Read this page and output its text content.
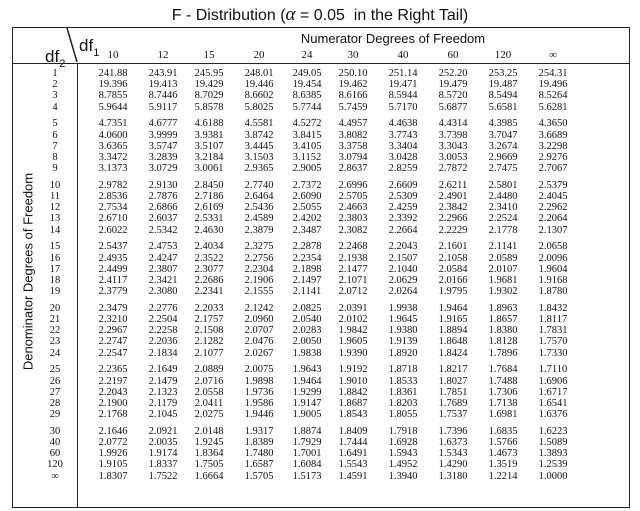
F - Distribution (α = 0.05 in the Right Tail)
Numerator Degrees of Freedom
$df_1$
$df_2$
Denominator Degrees of Freedom
10	12	15	20	24	30	40	60	120	∞
1	241.88	243.91	245.95	248.01	249.05	250.10	251.14	252.20	253.25	254.31
2	19.396	19.413	19.429	19.446	19.454	19.462	19.471	19.479	19.487	19.496
3	8.7855	8.7446	8.7029	8.6602	8.6385	8.6166	8.5944	8.5720	8.5494	8.5264
4	5.9644	5.9117	5.8578	5.8025	5.7744	5.7459	5.7170	5.6877	5.6581	5.6281
5	4.7351	4.6777	4.6188	4.5581	4.5272	4.4957	4.4638	4.4314	4.3985	4.3650
6	4.0600	3.9999	3.9381	3.8742	3.8415	3.8082	3.7743	3.7398	3.7047	3.6689
7	3.6365	3.5747	3.5107	3.4445	3.4105	3.3758	3.3404	3.3043	3.2674	3.2298
8	3.3472	3.2839	3.2184	3.1503	3.1152	3.0794	3.0428	3.0053	2.9669	2.9276
9	3.1373	3.0729	3.0061	2.9365	2.9005	2.8637	2.8259	2.7872	2.7475	2.7067
10	2.9782	2.9130	2.8450	2.7740	2.7372	2.6996	2.6609	2.6211	2.5801	2.5379
11	2.8536	2.7876	2.7186	2.6464	2.6090	2.5705	2.5309	2.4901	2.4480	2.4045
12	2.7534	2.6866	2.6169	2.5436	2.5055	2.4663	2.4259	2.3842	2.3410	2.2962
13	2.6710	2.6037	2.5331	2.4589	2.4202	2.3803	2.3392	2.2966	2.2524	2.2064
14	2.6022	2.5342	2.4630	2.3879	2.3487	2.3082	2.2664	2.2229	2.1778	2.1307
15	2.5437	2.4753	2.4034	2.3275	2.2878	2.2468	2.2043	2.1601	2.1141	2.0658
16	2.4935	2.4247	2.3522	2.2756	2.2354	2.1938	2.1507	2.1058	2.0589	2.0096
17	2.4499	2.3807	2.3077	2.2304	2.1898	2.1477	2.1040	2.0584	2.0107	1.9604
18	2.4117	2.3421	2.2686	2.1906	2.1497	2.1071	2.0629	2.0166	1.9681	1.9168
19	2.3779	2.3080	2.2341	2.1555	2.1141	2.0712	2.0264	1.9795	1.9302	1.8780
20	2.3479	2.2776	2.2033	2.1242	2.0825	2.0391	1.9938	1.9464	1.8963	1.8432
21	2.3210	2.2504	2.1757	2.0960	2.0540	2.0102	1.9645	1.9165	1.8657	1.8117
22	2.2967	2.2258	2.1508	2.0707	2.0283	1.9842	1.9380	1.8894	1.8380	1.7831
23	2.2747	2.2036	2.1282	2.0476	2.0050	1.9605	1.9139	1.8648	1.8128	1.7570
24	2.2547	2.1834	2.1077	2.0267	1.9838	1.9390	1.8920	1.8424	1.7896	1.7330
25	2.2365	2.1649	2.0889	2.0075	1.9643	1.9192	1.8718	1.8217	1.7684	1.7110
26	2.2197	2.1479	2.0716	1.9898	1.9464	1.9010	1.8533	1.8027	1.7488	1.6906
27	2.2043	2.1323	2.0558	1.9736	1.9299	1.8842	1.8361	1.7851	1.7306	1.6717
28	2.1900	2.1179	2.0411	1.9586	1.9147	1.8687	1.8203	1.7689	1.7138	1.6541
29	2.1768	2.1045	2.0275	1.9446	1.9005	1.8543	1.8055	1.7537	1.6981	1.6376
30	2.1646	2.0921	2.0148	1.9317	1.8874	1.8409	1.7918	1.7396	1.6835	1.6223
40	2.0772	2.0035	1.9245	1.8389	1.7929	1.7444	1.6928	1.6373	1.5766	1.5089
60	1.9926	1.9174	1.8364	1.7480	1.7001	1.6491	1.5943	1.5343	1.4673	1.3893
120	1.9105	1.8337	1.7505	1.6587	1.6084	1.5543	1.4952	1.4290	1.3519	1.2539
∞	1.8307	1.7522	1.6664	1.5705	1.5173	1.4591	1.3940	1.3180	1.2214	1.0000
